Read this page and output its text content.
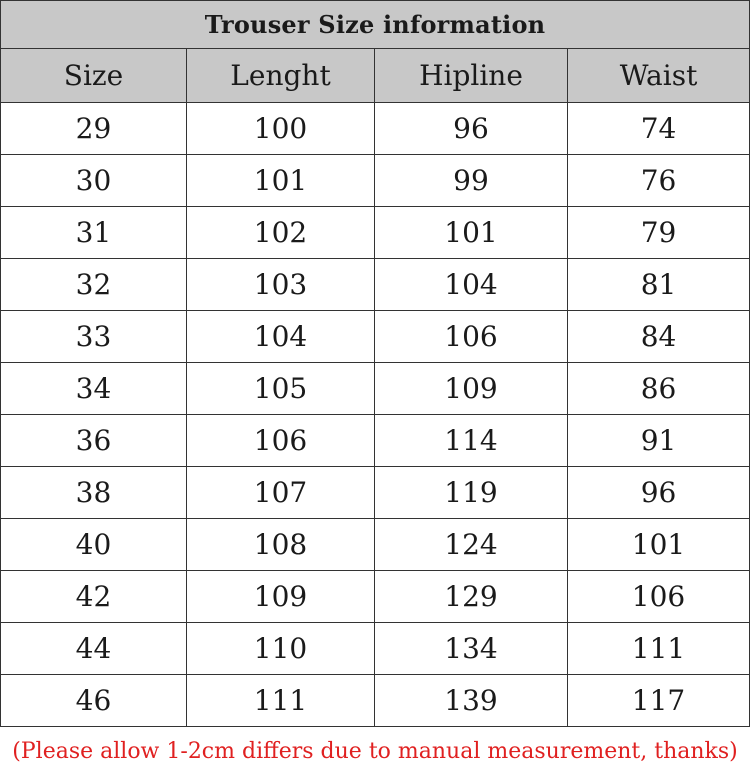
Trouser Size information			
Size	Lenght	Hipline	Waist
29	100	96	74
30	101	99	76
31	102	101	79
32	103	104	81
33	104	106	84
34	105	109	86
36	106	114	91
38	107	119	96
40	108	124	101
42	109	129	106
44	110	134	111
46	111	139	117
(Please allow 1-2cm differs due to manual measurement, thanks)
